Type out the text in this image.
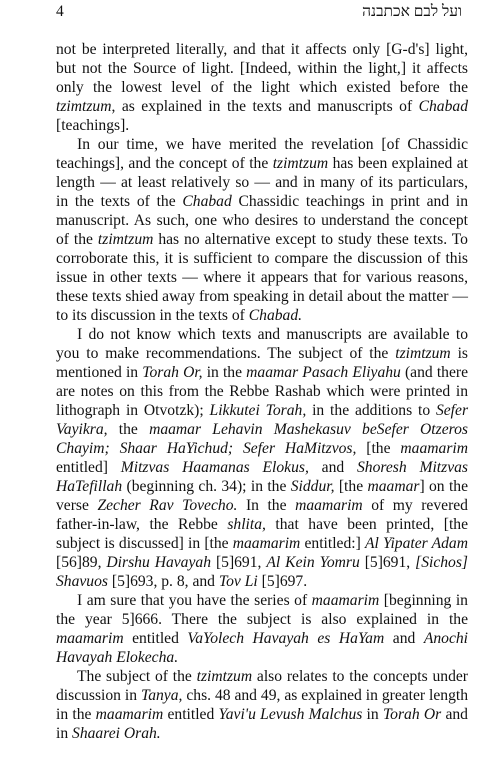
4	ועל לבם אכתבנה

not be interpreted literally, and that it affects only [G-d's] light, but not the Source of light. [Indeed, within the light,] it affects only the lowest level of the light which existed before the tzimtzum, as explained in the texts and manuscripts of Chabad [teachings].

In our time, we have merited the revelation [of Chassidic teachings], and the concept of the tzimtzum has been explained at length — at least relatively so — and in many of its particulars, in the texts of the Chabad Chassidic teachings in print and in manuscript. As such, one who desires to understand the concept of the tzimtzum has no alternative except to study these texts. To corroborate this, it is sufficient to compare the discussion of this issue in other texts — where it appears that for various reasons, these texts shied away from speaking in detail about the matter — to its discussion in the texts of Chabad.

I do not know which texts and manuscripts are available to you to make recommendations. The subject of the tzimtzum is mentioned in Torah Or, in the maamar Pasach Eliyahu (and there are notes on this from the Rebbe Rashab which were printed in lithograph in Otvotzk); Likkutei Torah, in the additions to Sefer Vayikra, the maamar Lehavin Mashekasuv beSefer Otzeros Chayim; Shaar HaYichud; Sefer HaMitzvos, [the maamarim entitled] Mitzvas Haamanas Elokus, and Shoresh Mitzvas HaTefillah (beginning ch. 34); in the Siddur, [the maamar] on the verse Zecher Rav Tovecho. In the maamarim of my revered father-in-law, the Rebbe shlita, that have been printed, [the subject is discussed] in [the maamarim entitled:] Al Yipater Adam [56]89, Dirshu Havayah [5]691, Al Kein Yomru [5]691, [Sichos] Shavuos [5]693, p. 8, and Tov Li [5]697.

I am sure that you have the series of maamarim [beginning in the year 5]666. There the subject is also explained in the maamarim entitled VaYolech Havayah es HaYam and Anochi Havayah Elokecha.

The subject of the tzimtzum also relates to the concepts under discussion in Tanya, chs. 48 and 49, as explained in greater length in the maamarim entitled Yavi'u Levush Malchus in Torah Or and in Shaarei Orah.
